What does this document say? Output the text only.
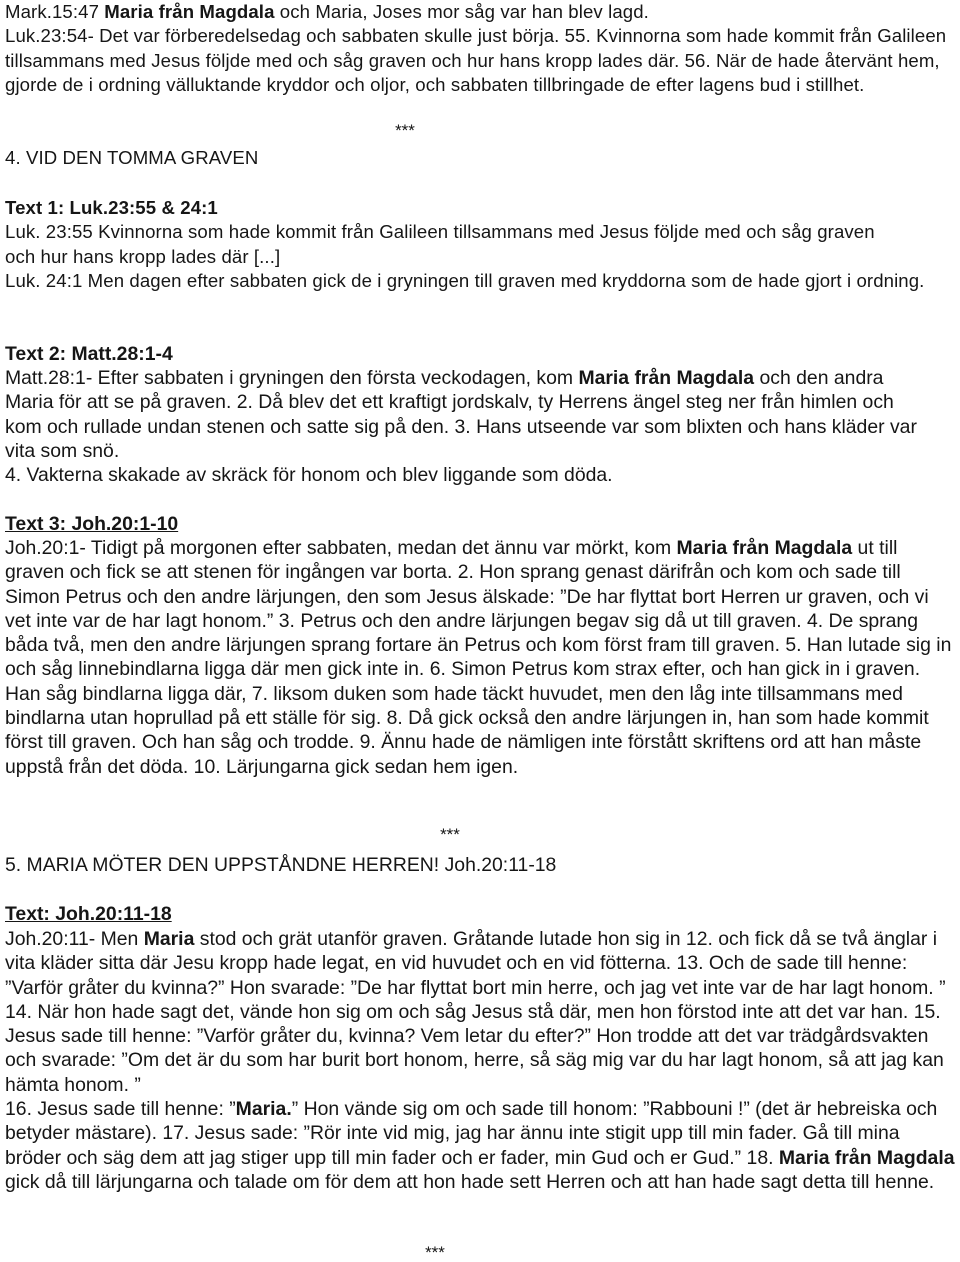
Mark.15:47 Maria från Magdala och Maria, Joses mor såg var han blev lagd.

Luk.23:54- Det var förberedelsedag och sabbaten skulle just börja. 55. Kvinnorna som hade kommit från Galileen tillsammans med Jesus följde med och såg graven och hur hans kropp lades där. 56. När de hade återvänt hem, gjorde de i ordning välluktande kryddor och oljor, och sabbaten tillbringade de efter lagens bud i stillhet.

***

4. VID DEN TOMMA GRAVEN

Text 1: Luk.23:55 & 24:1

Luk. 23:55 Kvinnorna som hade kommit från Galileen tillsammans med Jesus följde med och såg graven och hur hans kropp lades där [...]

Luk. 24:1 Men dagen efter sabbaten gick de i gryningen till graven med kryddorna som de hade gjort i ordning.

Text 2: Matt.28:1-4

Matt.28:1- Efter sabbaten i gryningen den första veckodagen, kom Maria från Magdala och den andra Maria för att se på graven. 2. Då blev det ett kraftigt jordskalv, ty Herrens ängel steg ner från himlen och kom och rullade undan stenen och satte sig på den. 3. Hans utseende var som blixten och hans kläder var vita som snö.

4. Vakterna skakade av skräck för honom och blev liggande som döda.

Text 3: Joh.20:1-10

Joh.20:1- Tidigt på morgonen efter sabbaten, medan det ännu var mörkt, kom Maria från Magdala ut till graven och fick se att stenen för ingången var borta. 2. Hon sprang genast därifrån och kom och sade till Simon Petrus och den andre lärjungen, den som Jesus älskade: ”De har flyttat bort Herren ur graven, och vi vet inte var de har lagt honom.” 3. Petrus och den andre lärjungen begav sig då ut till graven. 4. De sprang båda två, men den andre lärjungen sprang fortare än Petrus och kom först fram till graven. 5. Han lutade sig in och såg linnebindlarna ligga där men gick inte in. 6. Simon Petrus kom strax efter, och han gick in i graven. Han såg bindlarna ligga där, 7. liksom duken som hade täckt huvudet, men den låg inte tillsammans med bindlarna utan hoprullad på ett ställe för sig. 8. Då gick också den andre lärjungen in, han som hade kommit först till graven. Och han såg och trodde. 9. Ännu hade de nämligen inte förstått skriftens ord att han måste uppstå från det döda. 10. Lärjungarna gick sedan hem igen.

***

5. MARIA MÖTER DEN UPPSTÅNDNE HERREN! Joh.20:11-18

Text: Joh.20:11-18

Joh.20:11- Men Maria stod och grät utanför graven. Gråtande lutade hon sig in 12. och fick då se två änglar i vita kläder sitta där Jesu kropp hade legat, en vid huvudet och en vid fötterna. 13. Och de sade till henne: ”Varför gråter du kvinna?” Hon svarade: ”De har flyttat bort min herre, och jag vet inte var de har lagt honom. ” 14. När hon hade sagt det, vände hon sig om och såg Jesus stå där, men hon förstod inte att det var han. 15. Jesus sade till henne: ”Varför gråter du, kvinna? Vem letar du efter?” Hon trodde att det var trädgårdsvakten och svarade: ”Om det är du som har burit bort honom, herre, så säg mig var du har lagt honom, så att jag kan hämta honom. ”

16. Jesus sade till henne: ”Maria.” Hon vände sig om och sade till honom: ”Rabbouni !” (det är hebreiska och betyder mästare). 17. Jesus sade: ”Rör inte vid mig, jag har ännu inte stigit upp till min fader. Gå till mina bröder och säg dem att jag stiger upp till min fader och er fader, min Gud och er Gud.” 18. Maria från Magdala gick då till lärjungarna och talade om för dem att hon hade sett Herren och att han hade sagt detta till henne.

***
